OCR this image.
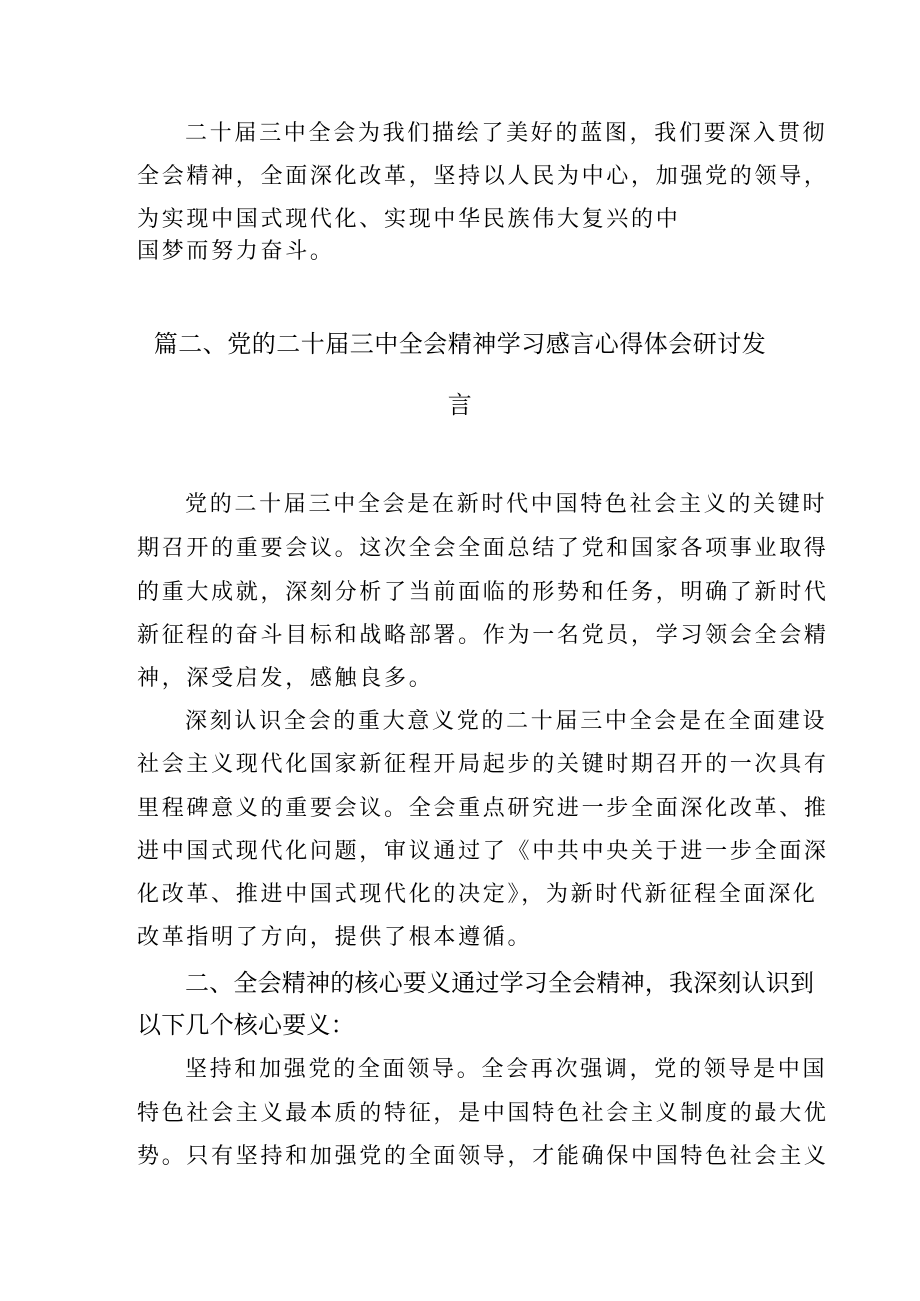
二十届三中全会为我们描绘了美好的蓝图，我们要深入贯彻
全会精神，全面深化改革，坚持以人民为中心，加强党的领导，
为实现中国式现代化、实现中华民族伟大复兴的中
国梦而努力奋斗。
篇二、党的二十届三中全会精神学习感言心得体会研讨发
言
党的二十届三中全会是在新时代中国特色社会主义的关键时
期召开的重要会议。这次全会全面总结了党和国家各项事业取得
的重大成就，深刻分析了当前面临的形势和任务，明确了新时代
新征程的奋斗目标和战略部署。作为一名党员，学习领会全会精
神，深受启发，感触良多。
深刻认识全会的重大意义党的二十届三中全会是在全面建设
社会主义现代化国家新征程开局起步的关键时期召开的一次具有
里程碑意义的重要会议。全会重点研究进一步全面深化改革、推
进中国式现代化问题，审议通过了《中共中央关于进一步全面深
化改革、推进中国式现代化的决定》，为新时代新征程全面深化
改革指明了方向，提供了根本遵循。
二、全会精神的核心要义通过学习全会精神，我深刻认识到
以下几个核心要义：
坚持和加强党的全面领导。全会再次强调，党的领导是中国
特色社会主义最本质的特征，是中国特色社会主义制度的最大优
势。只有坚持和加强党的全面领导，才能确保中国特色社会主义
